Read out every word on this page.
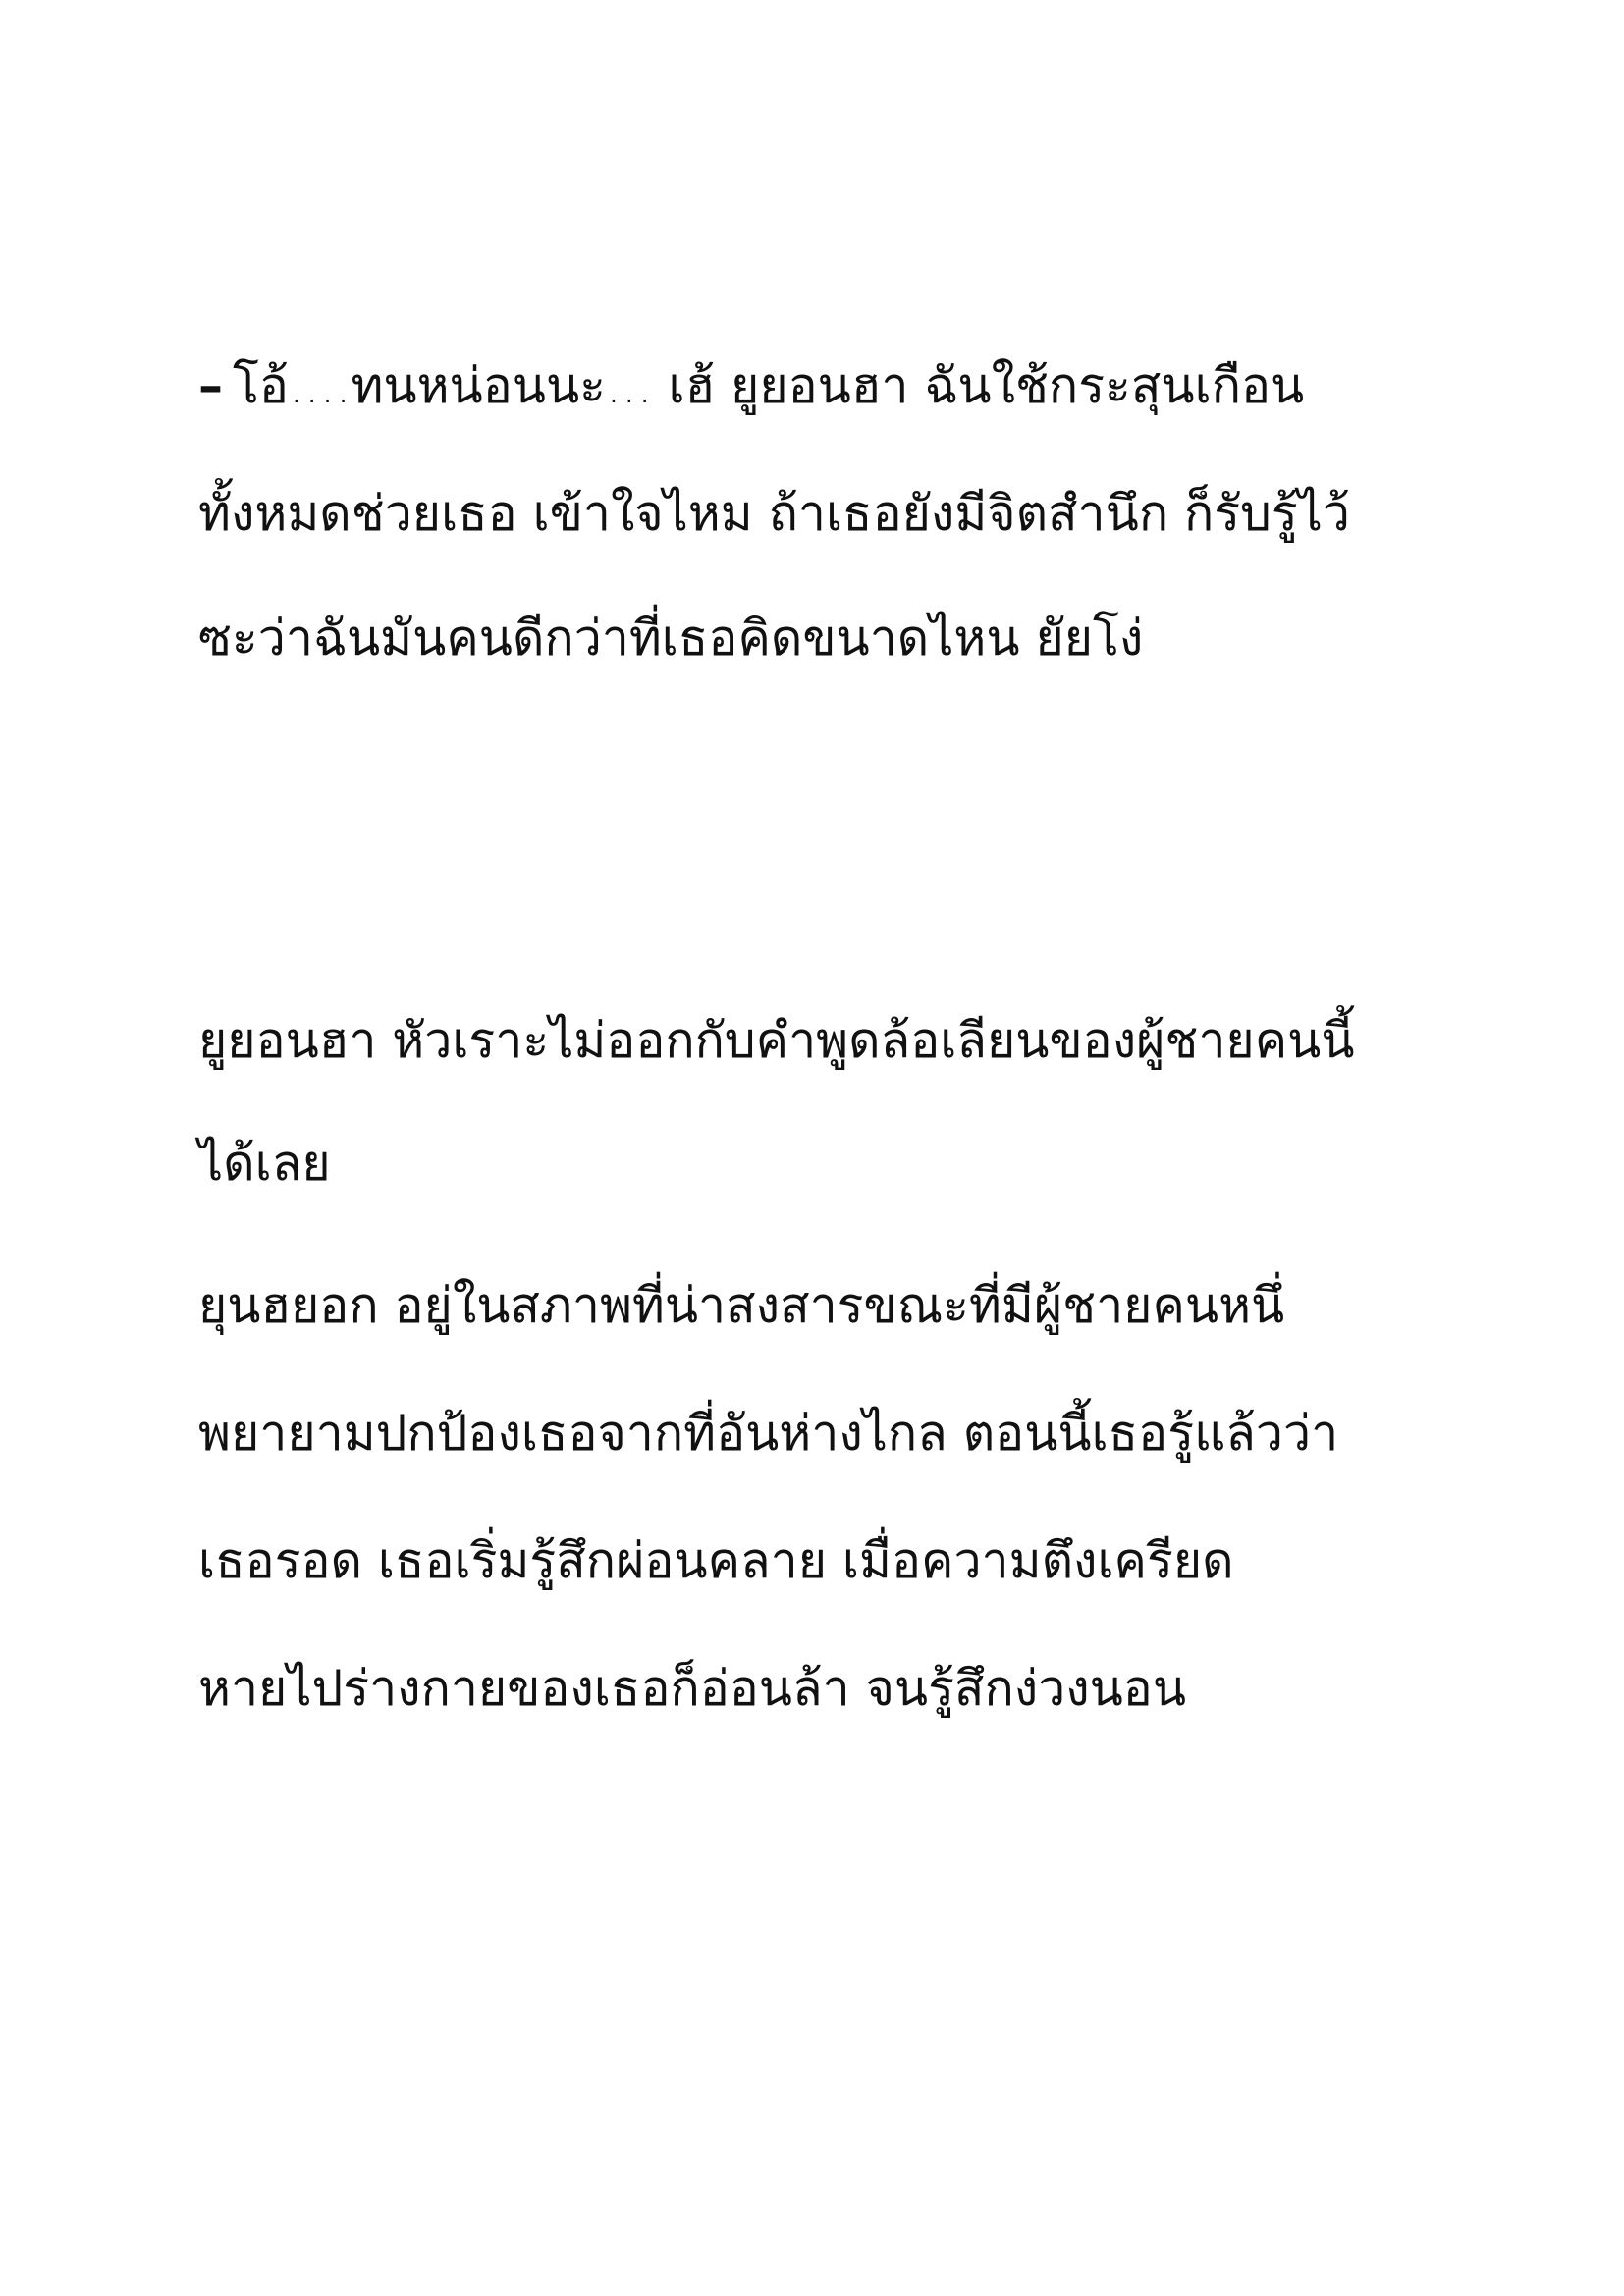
– โอ้....ทนหน่อนนะ... เฮ้ ยูยอนฮา ฉันใช้กระสุนเกือน

ทั้งหมดช่วยเธอ เข้าใจไหม ถ้าเธอยังมีจิตสำนึก ก็รับรู้ไว้

ซะว่าฉันมันคนดีกว่าที่เธอคิดขนาดไหน ยัยโง่

ยูยอนฮา หัวเราะไม่ออกกับคำพูดล้อเลียนของผู้ชายคนนี้

ได้เลย

ยุนฮยอก อยู่ในสภาพที่น่าสงสารขณะที่มีผู้ชายคนหนึ่

พยายามปกป้องเธอจากที่อันห่างไกล ตอนนี้เธอรู้แล้วว่า

เธอรอด เธอเริ่มรู้สึกผ่อนคลาย เมื่อความตึงเครียด

หายไปร่างกายของเธอก็อ่อนล้า จนรู้สึกง่วงนอน
